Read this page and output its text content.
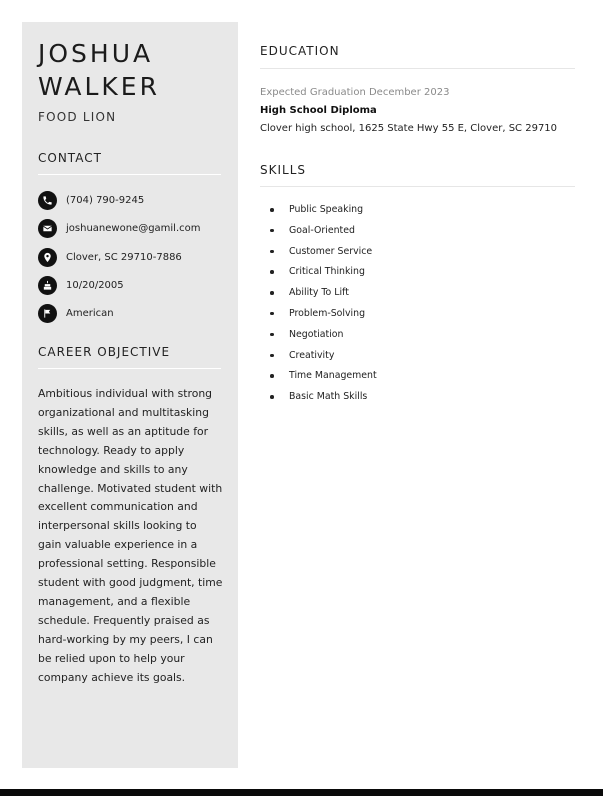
JOSHUA
WALKER
FOOD LION
CONTACT
(704) 790-9245
joshuanewone@gamil.com
Clover, SC 29710-7886
10/20/2005
American
CAREER OBJECTIVE
Ambitious individual with strong organizational and multitasking skills, as well as an aptitude for technology. Ready to apply knowledge and skills to any challenge. Motivated student with excellent communication and interpersonal skills looking to gain valuable experience in a professional setting. Responsible student with good judgment, time management, and a flexible schedule. Frequently praised as hard-working by my peers, I can be relied upon to help your company achieve its goals.
EDUCATION
Expected Graduation December 2023
High School Diploma
Clover high school, 1625 State Hwy 55 E, Clover, SC 29710
SKILLS
Public Speaking
Goal-Oriented
Customer Service
Critical Thinking
Ability To Lift
Problem-Solving
Negotiation
Creativity
Time Management
Basic Math Skills
